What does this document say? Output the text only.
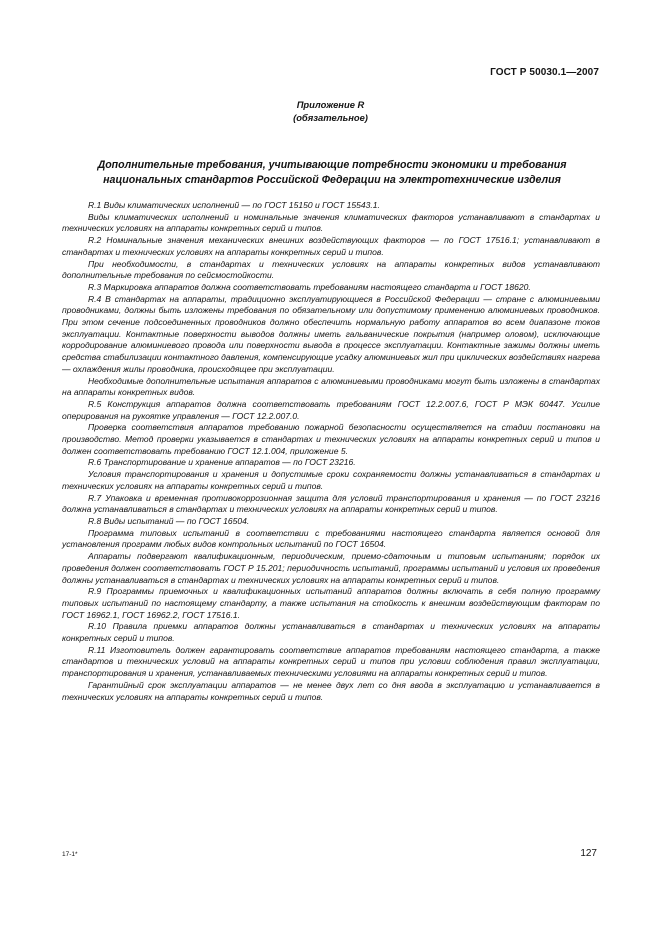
ГОСТ Р 50030.1—2007
Приложение R
(обязательное)
Дополнительные требования, учитывающие потребности экономики и требования
национальных стандартов Российской Федерации на электротехнические изделия

R.1 Виды климатических исполнений — по ГОСТ 15150 и ГОСТ 15543.1.

Виды климатических исполнений и номинальные значения климатических факторов устанавливают в стандартах и технических условиях на аппараты конкретных серий и типов.

R.2 Номинальные значения механических внешних воздействующих факторов — по ГОСТ 17516.1; устанавливают в стандартах и технических условиях на аппараты конкретных серий и типов.

При необходимости, в стандартах и технических условиях на аппараты конкретных видов устанавливают дополнительные требования по сейсмостойкости.

R.3 Маркировка аппаратов должна соответствовать требованиям настоящего стандарта и ГОСТ 18620.

R.4 В стандартах на аппараты, традиционно эксплуатирующиеся в Российской Федерации — стране с алюминиевыми проводниками, должны быть изложены требования по обязательному или допустимому применению алюминиевых проводников. При этом сечение подсоединенных проводников должно обеспечить нормальную работу аппаратов во всем диапазоне токов эксплуатации. Контактные поверхности выводов должны иметь гальванические покрытия (например оловом), исключающие корродирование алюминиевого провода или поверхности вывода в процессе эксплуатации. Контактные зажимы должны иметь средства стабилизации контактного давления, компенсирующие усадку алюминиевых жил при циклических воздействиях нагрева — охлаждения жилы проводника, происходящее при эксплуатации.

Необходимые дополнительные испытания аппаратов с алюминиевыми проводниками могут быть изложены в стандартах на аппараты конкретных видов.

R.5 Конструкция аппаратов должна соответствовать требованиям ГОСТ 12.2.007.6, ГОСТ Р МЭК 60447. Усилие оперирования на рукоятке управления — ГОСТ 12.2.007.0.

Проверка соответствия аппаратов требованию пожарной безопасности осуществляется на стадии постановки на производство. Метод проверки указывается в стандартах и технических условиях на аппараты конкретных серий и типов и должен соответствовать требованию ГОСТ 12.1.004, приложение 5.

R.6 Транспортирование и хранение аппаратов — по ГОСТ 23216.

Условия транспортирования и хранения и допустимые сроки сохраняемости должны устанавливаться в стандартах и технических условиях на аппараты конкретных серий и типов.

R.7 Упаковка и временная противокоррозионная защита для условий транспортирования и хранения — по ГОСТ 23216 должна устанавливаться в стандартах и технических условиях на аппараты конкретных серий и типов.

R.8 Виды испытаний — по ГОСТ 16504.

Программа типовых испытаний в соответствии с требованиями настоящего стандарта является основой для установления программ любых видов контрольных испытаний по ГОСТ 16504.

Аппараты подвергают квалификационным, периодическим, приемо-сдаточным и типовым испытаниям; порядок их проведения должен соответствовать ГОСТ Р 15.201; периодичность испытаний, программы испытаний и условия их проведения должны устанавливаться в стандартах и технических условиях на аппараты конкретных серий и типов.

R.9 Программы приемочных и квалификационных испытаний аппаратов должны включать в себя полную программу типовых испытаний по настоящему стандарту, а также испытания на стойкость к внешним воздействующим факторам по ГОСТ 16962.1, ГОСТ 16962.2, ГОСТ 17516.1.

R.10 Правила приемки аппаратов должны устанавливаться в стандартах и технических условиях на аппараты конкретных серий и типов.

R.11 Изготовитель должен гарантировать соответствие аппаратов требованиям настоящего стандарта, а также стандартов и технических условий на аппараты конкретных серий и типов при условии соблюдения правил эксплуатации, транспортирования и хранения, устанавливаемых техническими условиями на аппараты конкретных серий и типов.

Гарантийный срок эксплуатации аппаратов — не менее двух лет со дня ввода в эксплуатацию и устанавливается в технических условиях на аппараты конкретных серий и типов.

17-1*	127
